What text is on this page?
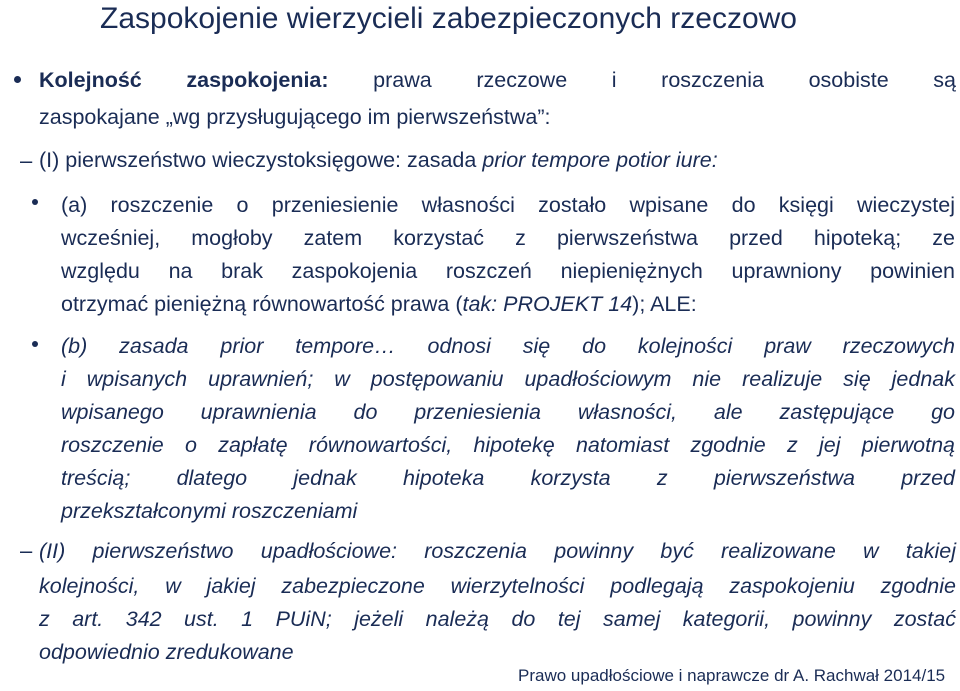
Zaspokojenie wierzycieli zabezpieczonych rzeczowo
Kolejność zaspokojenia: prawa rzeczowe i roszczenia osobiste są
zaspokajane „wg przysługującego im pierwszeństwa”:
– (I) pierwszeństwo wieczystoksięgowe: zasada prior tempore potior iure:
(a) roszczenie o przeniesienie własności zostało wpisane do księgi wieczystej
wcześniej, mogłoby zatem korzystać z pierwszeństwa przed hipoteką; ze
względu na brak zaspokojenia roszczeń niepieniężnych uprawniony powinien
otrzymać pieniężną równowartość prawa (tak: PROJEKT 14); ALE:
(b) zasada prior tempore… odnosi się do kolejności praw rzeczowych
i wpisanych uprawnień; w postępowaniu upadłościowym nie realizuje się jednak
wpisanego uprawnienia do przeniesienia własności, ale zastępujące go
roszczenie o zapłatę równowartości, hipotekę natomiast zgodnie z jej pierwotną
treścią; dlatego jednak hipoteka korzysta z pierwszeństwa przed
przekształconymi roszczeniami
– (II) pierwszeństwo upadłościowe: roszczenia powinny być realizowane w takiej
kolejności, w jakiej zabezpieczone wierzytelności podlegają zaspokojeniu zgodnie
z art. 342 ust. 1 PUiN; jeżeli należą do tej samej kategorii, powinny zostać
odpowiednio zredukowane
Prawo upadłościowe i naprawcze dr A. Rachwał 2014/15
